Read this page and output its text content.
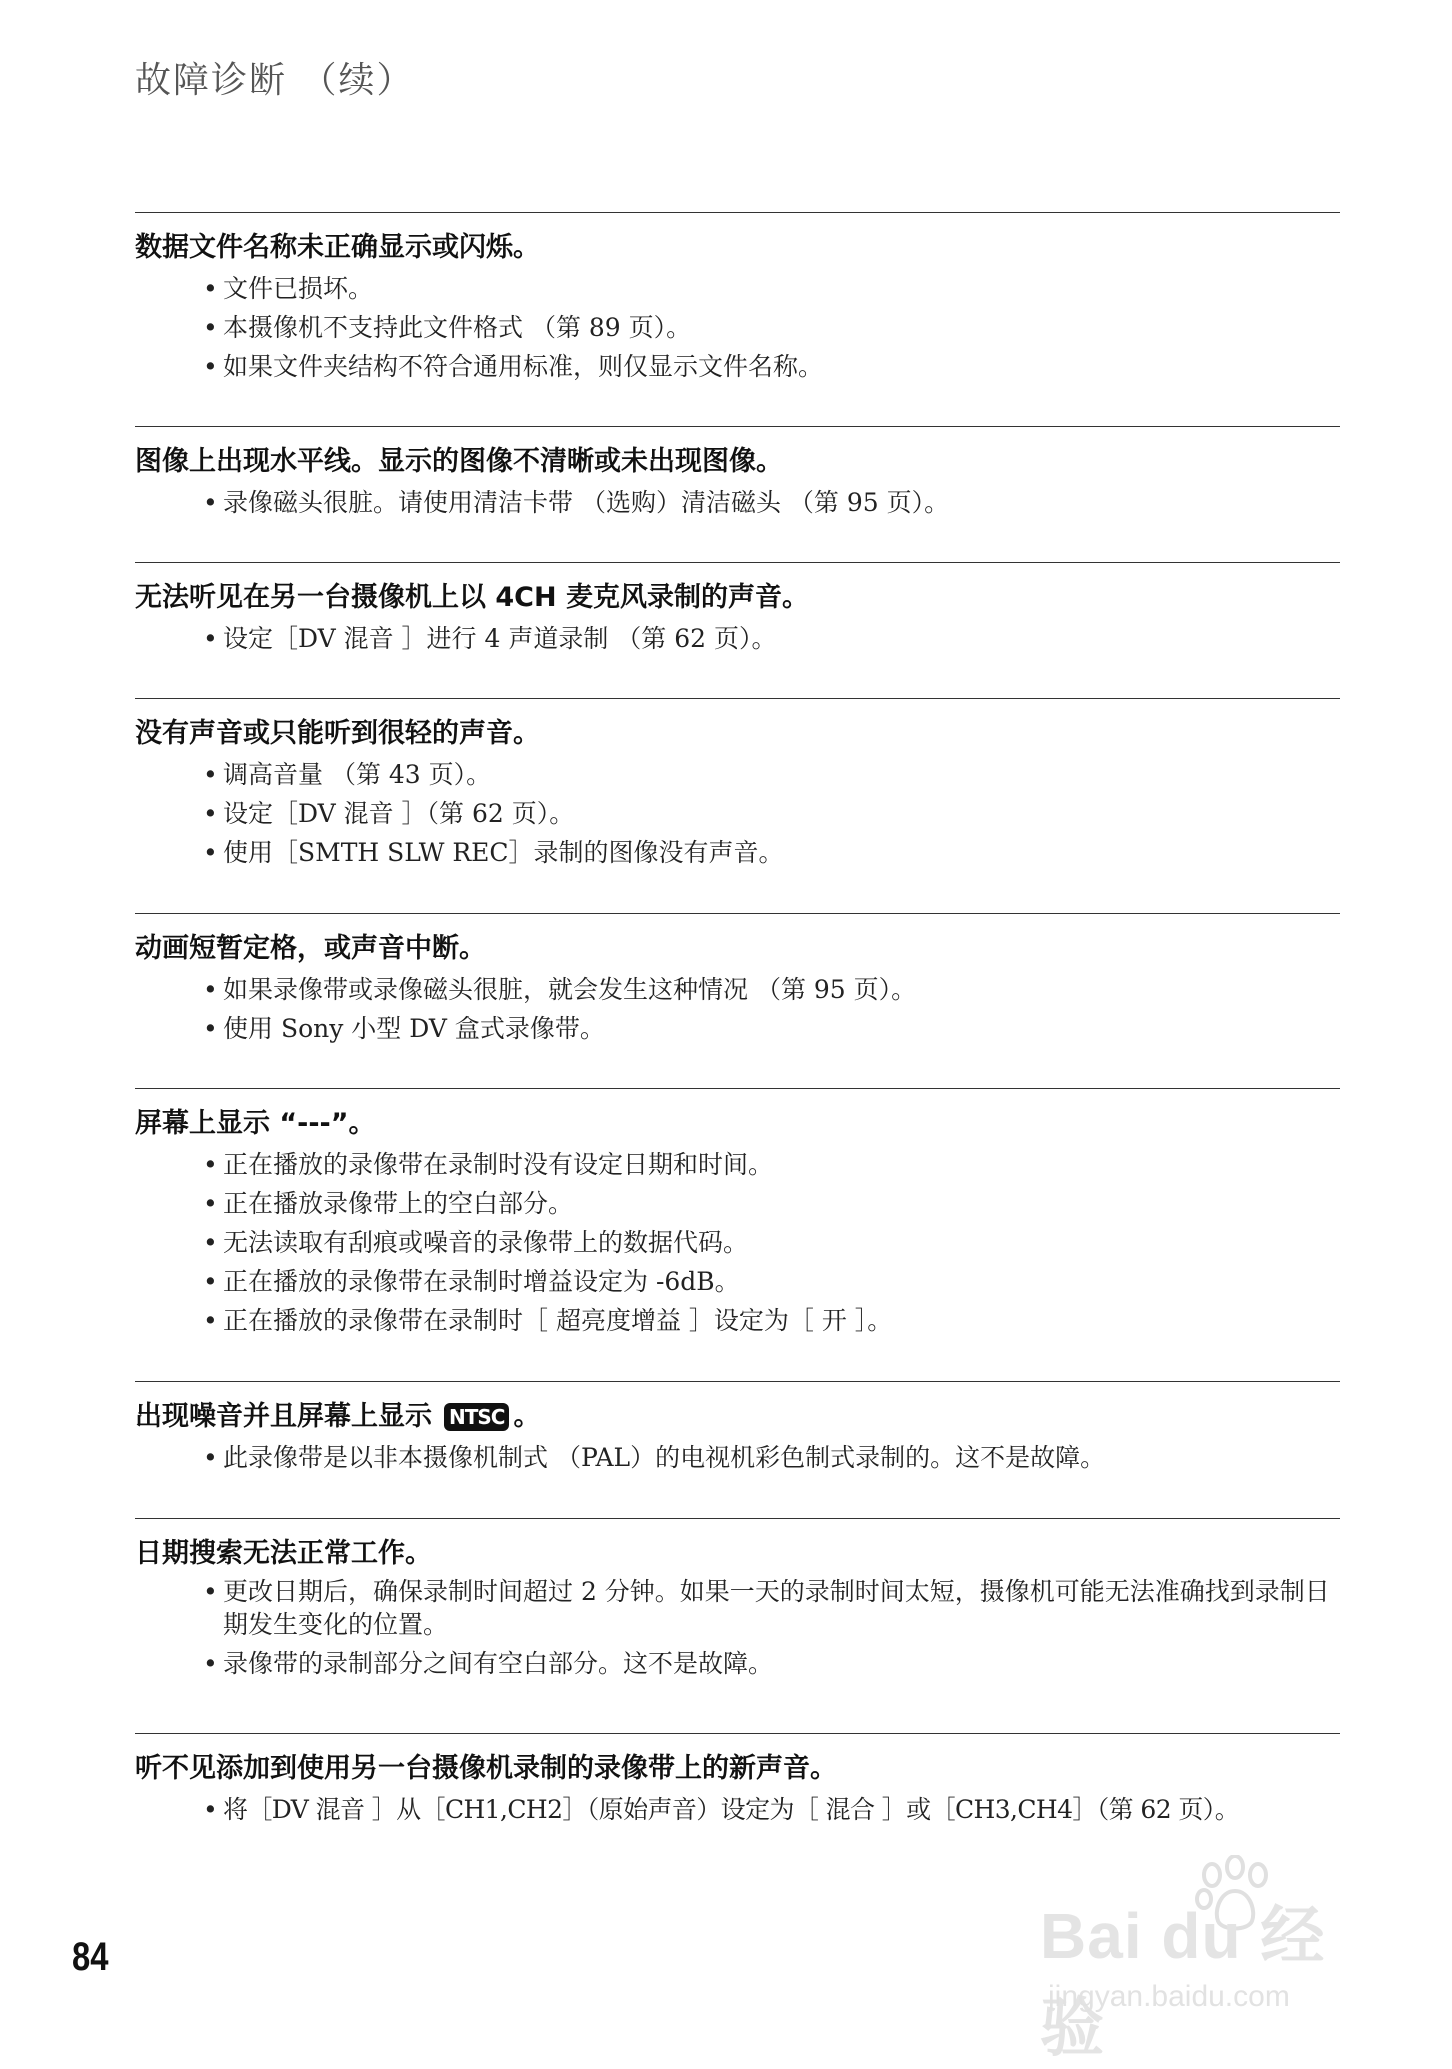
故障诊断 （续）
数据文件名称未正确显示或闪烁。
• 文件已损坏。
• 本摄像机不支持此文件格式 （第 89 页）。
• 如果文件夹结构不符合通用标准，则仅显示文件名称。
图像上出现水平线。显示的图像不清晰或未出现图像。
• 录像磁头很脏。请使用清洁卡带 （选购）清洁磁头 （第 95 页）。
无法听见在另一台摄像机上以 4CH 麦克风录制的声音。
• 设定［DV 混音 ］进行 4 声道录制 （第 62 页）。
没有声音或只能听到很轻的声音。
• 调高音量 （第 43 页）。
• 设定［DV 混音 ］（第 62 页）。
• 使用［SMTH SLW REC］录制的图像没有声音。
动画短暂定格，或声音中断。
• 如果录像带或录像磁头很脏，就会发生这种情况 （第 95 页）。
• 使用 Sony 小型 DV 盒式录像带。
屏幕上显示 “---”。
• 正在播放的录像带在录制时没有设定日期和时间。
• 正在播放录像带上的空白部分。
• 无法读取有刮痕或噪音的录像带上的数据代码。
• 正在播放的录像带在录制时增益设定为 -6dB。
• 正在播放的录像带在录制时［ 超亮度增益 ］设定为［ 开 ］。
出现噪音并且屏幕上显示 NTSC 。
• 此录像带是以非本摄像机制式 （PAL）的电视机彩色制式录制的。这不是故障。
日期搜索无法正常工作。
• 更改日期后，确保录制时间超过 2 分钟。如果一天的录制时间太短，摄像机可能无法准确找到录制日期发生变化的位置。
• 录像带的录制部分之间有空白部分。这不是故障。
听不见添加到使用另一台摄像机录制的录像带上的新声音。
• 将［DV 混音 ］从［CH1,CH2］（原始声音）设定为［ 混合 ］或［CH3,CH4］（第 62 页）。
84	Bai du 经验
jingyan.baidu.com
